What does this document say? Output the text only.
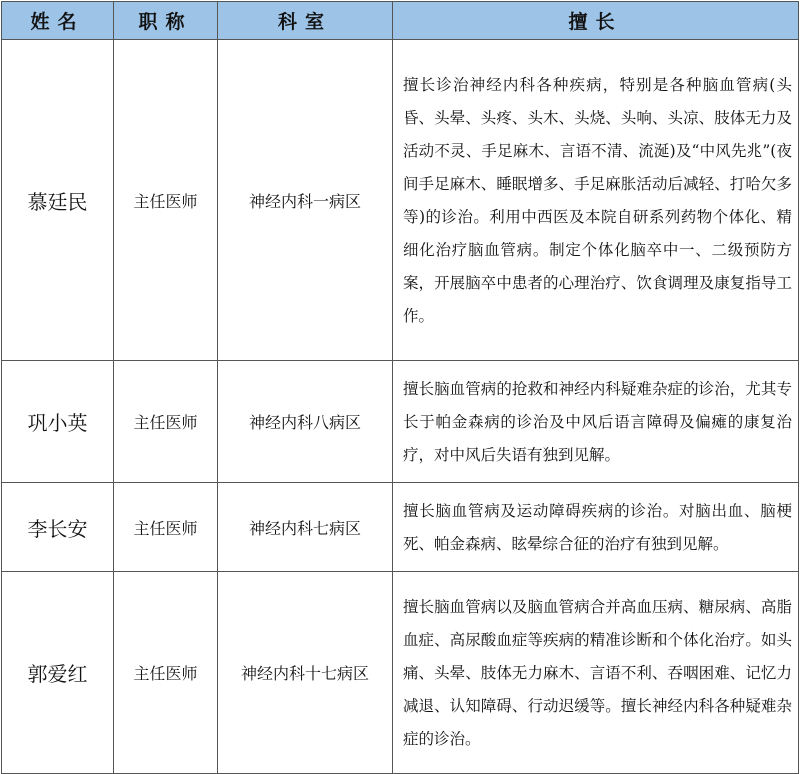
姓名	职称	科室	擅长
慕廷民	主任医师	神经内科一病区	擅长诊治神经内科各种疾病，特别是各种脑血管病(头昏、头晕、头疼、头木、头烧、头响、头凉、肢体无力及活动不灵、手足麻木、言语不清、流涎)及“中风先兆”(夜间手足麻木、睡眠增多、手足麻胀活动后减轻、打哈欠多等)的诊治。利用中西医及本院自研系列药物个体化、精细化治疗脑血管病。制定个体化脑卒中一、二级预防方案，开展脑卒中患者的心理治疗、饮食调理及康复指导工作。

巩小英	主任医师	神经内科八病区	擅长脑血管病的抢救和神经内科疑难杂症的诊治，尤其专长于帕金森病的诊治及中风后语言障碍及偏瘫的康复治疗，对中风后失语有独到见解。

李长安	主任医师	神经内科七病区	擅长脑血管病及运动障碍疾病的诊治。对脑出血、脑梗死、帕金森病、眩晕综合征的治疗有独到见解。

郭爱红	主任医师	神经内科十七病区	擅长脑血管病以及脑血管病合并高血压病、糖尿病、高脂血症、高尿酸血症等疾病的精准诊断和个体化治疗。如头痛、头晕、肢体无力麻木、言语不利、吞咽困难、记忆力减退、认知障碍、行动迟缓等。擅长神经内科各种疑难杂症的诊治。
